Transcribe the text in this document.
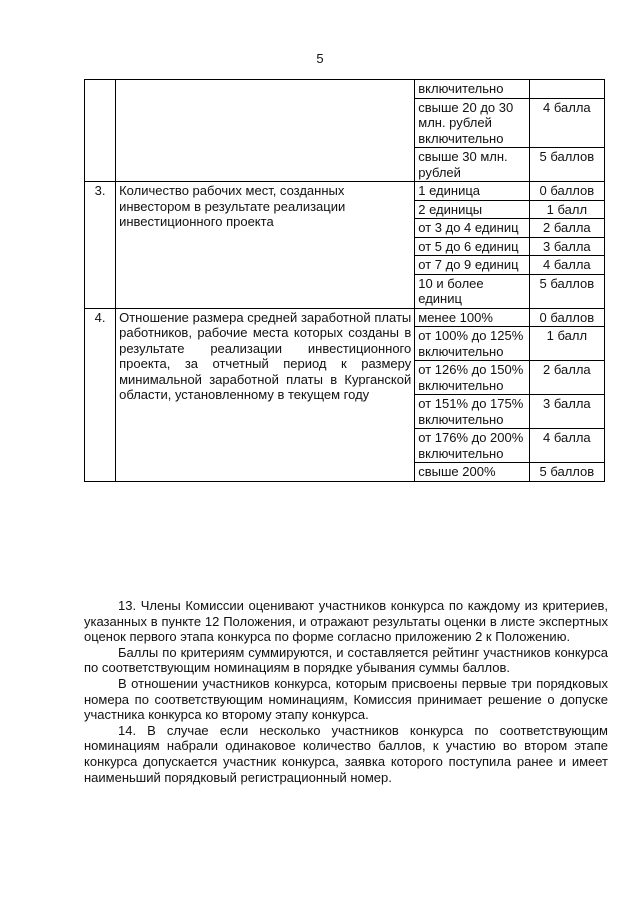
5
		включительно	
		свыше 20 до 30 млн. рублей включительно	4 балла
		свыше 30 млн. рублей	5 баллов
3.	Количество рабочих мест, созданных инвестором в результате реализации инвестиционного проекта	1 единица	0 баллов
		2 единицы	1 балл
		от 3 до 4 единиц	2 балла
		от 5 до 6 единиц	3 балла
		от 7 до 9 единиц	4 балла
		10 и более единиц	5 баллов
4.	Отношение размера средней заработной платы работников, рабочие места которых созданы в результате реализации инвестиционного проекта, за отчетный период к размеру минимальной заработной платы в Курганской области, установленному в текущем году	менее 100%	0 баллов
		от 100% до 125% включительно	1 балл
		от 126% до 150% включительно	2 балла
		от 151% до 175% включительно	3 балла
		от 176% до 200% включительно	4 балла
		свыше 200%	5 баллов

13. Члены Комиссии оценивают участников конкурса по каждому из критериев, указанных в пункте 12 Положения, и отражают результаты оценки в листе экспертных оценок первого этапа конкурса по форме согласно приложению 2 к Положению.

Баллы по критериям суммируются, и составляется рейтинг участников конкурса по соответствующим номинациям в порядке убывания суммы баллов.

В отношении участников конкурса, которым присвоены первые три порядковых номера по соответствующим номинациям, Комиссия принимает решение о допуске участника конкурса ко второму этапу конкурса.

14. В случае если несколько участников конкурса по соответствующим номинациям набрали одинаковое количество баллов, к участию во втором этапе конкурса допускается участник конкурса, заявка которого поступила ранее и имеет наименьший порядковый регистрационный номер.
